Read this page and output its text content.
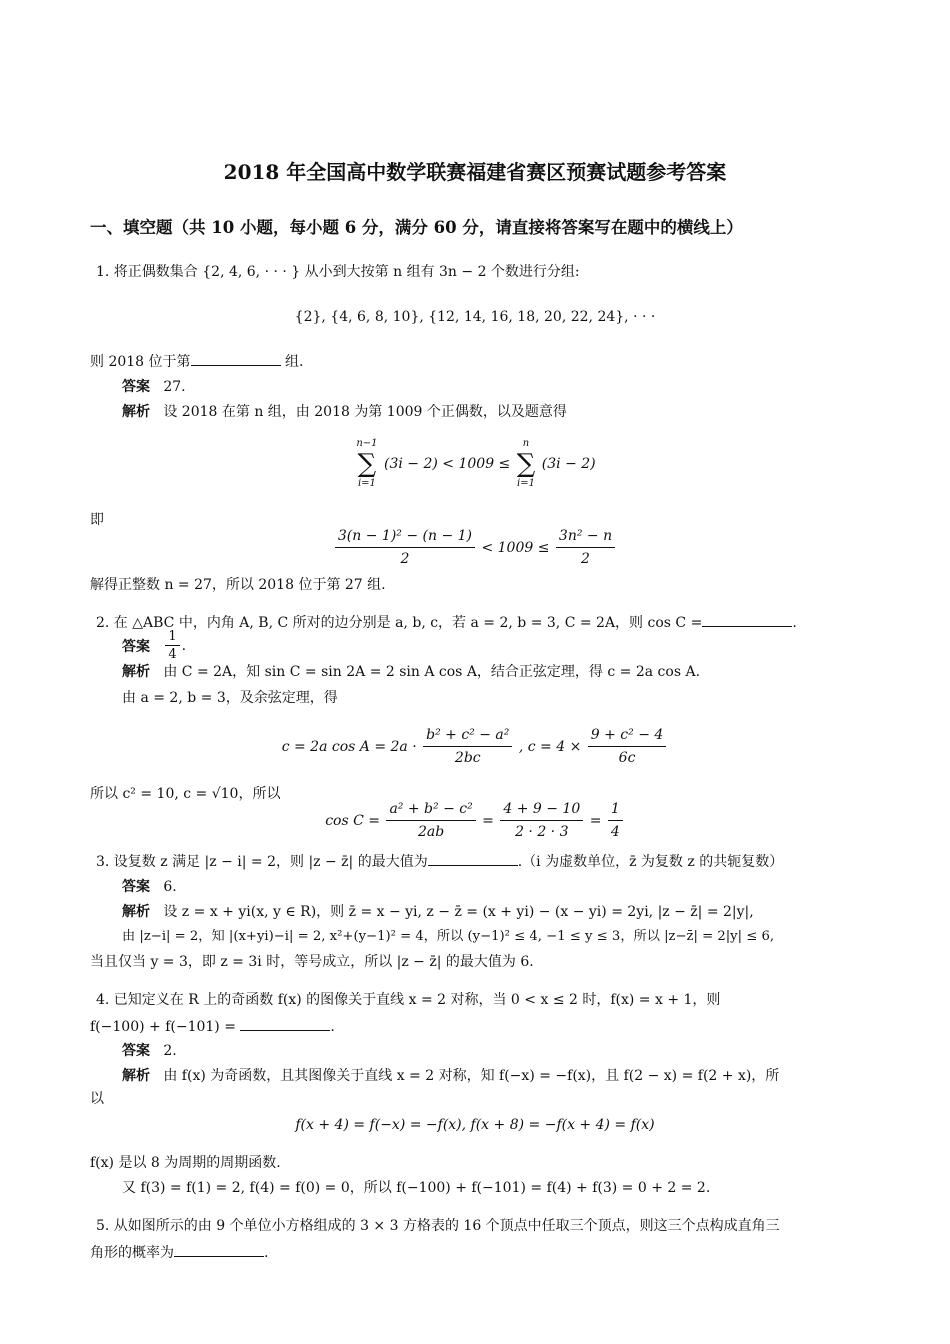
2018 年全国高中数学联赛福建省赛区预赛试题参考答案
一、填空题（共 10 小题，每小题 6 分，满分 60 分，请直接将答案写在题中的横线上）
1. 将正偶数集合 {2, 4, 6, · · · } 从小到大按第 n 组有 3n − 2 个数进行分组:
{2}, {4, 6, 8, 10}, {12, 14, 16, 18, 20, 22, 24}, · · ·
则 2018 位于第	组.
答案 27.
解析 设 2018 在第 n 组，由 2018 为第 1009 个正偶数，以及题意得
n−1
∑
i=1
(3i − 2) < 1009 ≤
n
∑
i=1
(3i − 2)
即
$\frac{\text{3(n − 1)² − (n − 1)}}{2} < 1009 \le \frac{\text{3n² − n}}{2}$
解得正整数 n = 27，所以 2018 位于第 27 组.
2. 在 △ABC 中，内角 A, B, C 所对的边分别是 a, b, c，若 a = 2, b = 3, C = 2A，则 cos C =	.
答案 $\frac{1}{4}$ .
解析 由 C = 2A，知 sin C = sin 2A = 2 sin A cos A，结合正弦定理，得 c = 2a cos A.
由 a = 2, b = 3，及余弦定理，得
c = 2a $\cos A = 2a \cdot \frac{\text{b² + c² − a²}}{2bc}$ , $c = 4 \times \frac{\text{9 + c² − 4}}{6c}$
所以 c² = 10, c = √10，所以
$\cos C = \frac{\text{a² + b² − c²}}{2ab} = \frac{4 + 9 - 10}{2 \cdot 2 \cdot 3} = \frac{1}{4}$
3. 设复数 z 满足 |z − i| = 2，则 |z − z̄| 的最大值为	.（i 为虚数单位，z̄ 为复数 z 的共轭复数）
答案 6.
解析 设 z = x + yi(x, y ∈ R)，则 z̄ = x − yi, z − z̄ = (x + yi) − (x − yi) = 2yi, |z − z̄| = 2|y|,
由 |z−i| = 2，知 |(x+yi)−i| = 2, x²+(y−1)² = 4，所以 (y−1)² ≤ 4, −1 ≤ y ≤ 3，所以 |z−z̄| = 2|y| ≤ 6,
当且仅当 y = 3，即 z = 3i 时，等号成立，所以 |z − z̄| 的最大值为 6.
4. 已知定义在 R 上的奇函数 f(x) 的图像关于直线 x = 2 对称，当 0 < x ≤ 2 时，f(x) = x + 1，则
f(−100) + f(−101) =	.
答案 2.
解析 由 f(x) 为奇函数，且其图像关于直线 x = 2 对称，知 f(−x) = −f(x)，且 f(2 − x) = f(2 + x)，所
以
f(x + 4) = f(−x) = −f(x), f(x + 8) = −f(x + 4) = f(x)
f(x) 是以 8 为周期的周期函数.
又 f(3) = f(1) = 2, f(4) = f(0) = 0，所以 f(−100) + f(−101) = f(4) + f(3) = 0 + 2 = 2.
5. 从如图所示的由 9 个单位小方格组成的 3 × 3 方格表的 16 个顶点中任取三个顶点，则这三个点构成直角三
角形的概率为	.
